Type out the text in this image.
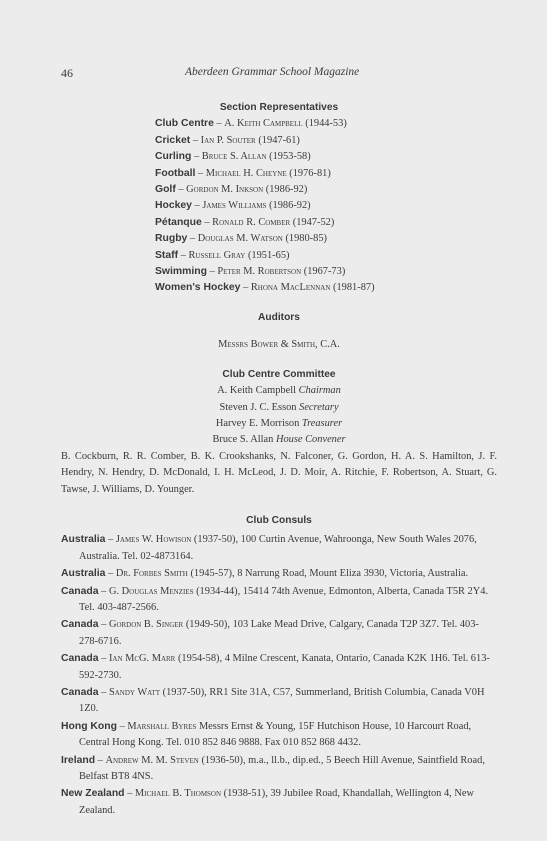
46	Aberdeen Grammar School Magazine
Section Representatives
Club Centre – A. Keith Campbell (1944-53)
Cricket – Ian P. Souter (1947-61)
Curling – Bruce S. Allan (1953-58)
Football – Michael H. Cheyne (1976-81)
Golf – Gordon M. Inkson (1986-92)
Hockey – James Williams (1986-92)
Pétanque – Ronald R. Comber (1947-52)
Rugby – Douglas M. Watson (1980-85)
Staff – Russell Gray (1951-65)
Swimming – Peter M. Robertson (1967-73)
Women's Hockey – Rhona MacLennan (1981-87)
Auditors
Messrs Bower & Smith, C.A.
Club Centre Committee
A. Keith Campbell Chairman
Steven J. C. Esson Secretary
Harvey E. Morrison Treasurer
Bruce S. Allan House Convener
B. Cockburn, R. R. Comber, B. K. Crookshanks, N. Falconer, G. Gordon, H. A. S. Hamilton, J. F. Hendry, N. Hendry, D. McDonald, I. H. McLeod, J. D. Moir, A. Ritchie, F. Robertson, A. Stuart, G. Tawse, J. Williams, D. Younger.
Club Consuls
Australia – James W. Howison (1937-50), 100 Curtin Avenue, Wahroonga, New South Wales 2076, Australia. Tel. 02-4873164.
Australia – Dr. Forbes Smith (1945-57), 8 Narrung Road, Mount Eliza 3930, Victoria, Australia.
Canada – G. Douglas Menzies (1934-44), 15414 74th Avenue, Edmonton, Alberta, Canada T5R 2Y4. Tel. 403-487-2566.
Canada – Gordon B. Singer (1949-50), 103 Lake Mead Drive, Calgary, Canada T2P 3Z7. Tel. 403-278-6716.
Canada – Ian McG. Marr (1954-58), 4 Milne Crescent, Kanata, Ontario, Canada K2K 1H6. Tel. 613-592-2730.
Canada – Sandy Watt (1937-50), RR1 Site 31A, C57, Summerland, British Columbia, Canada V0H 1Z0.
Hong Kong – Marshall Byres Messrs Ernst & Young, 15F Hutchison House, 10 Harcourt Road, Central Hong Kong. Tel. 010 852 846 9888. Fax 010 852 868 4432.
Ireland – Andrew M. M. Steven (1936-50), m.a., ll.b., dip.ed., 5 Beech Hill Avenue, Saintfield Road, Belfast BT8 4NS.
New Zealand – Michael B. Thomson (1938-51), 39 Jubilee Road, Khandallah, Wellington 4, New Zealand.
